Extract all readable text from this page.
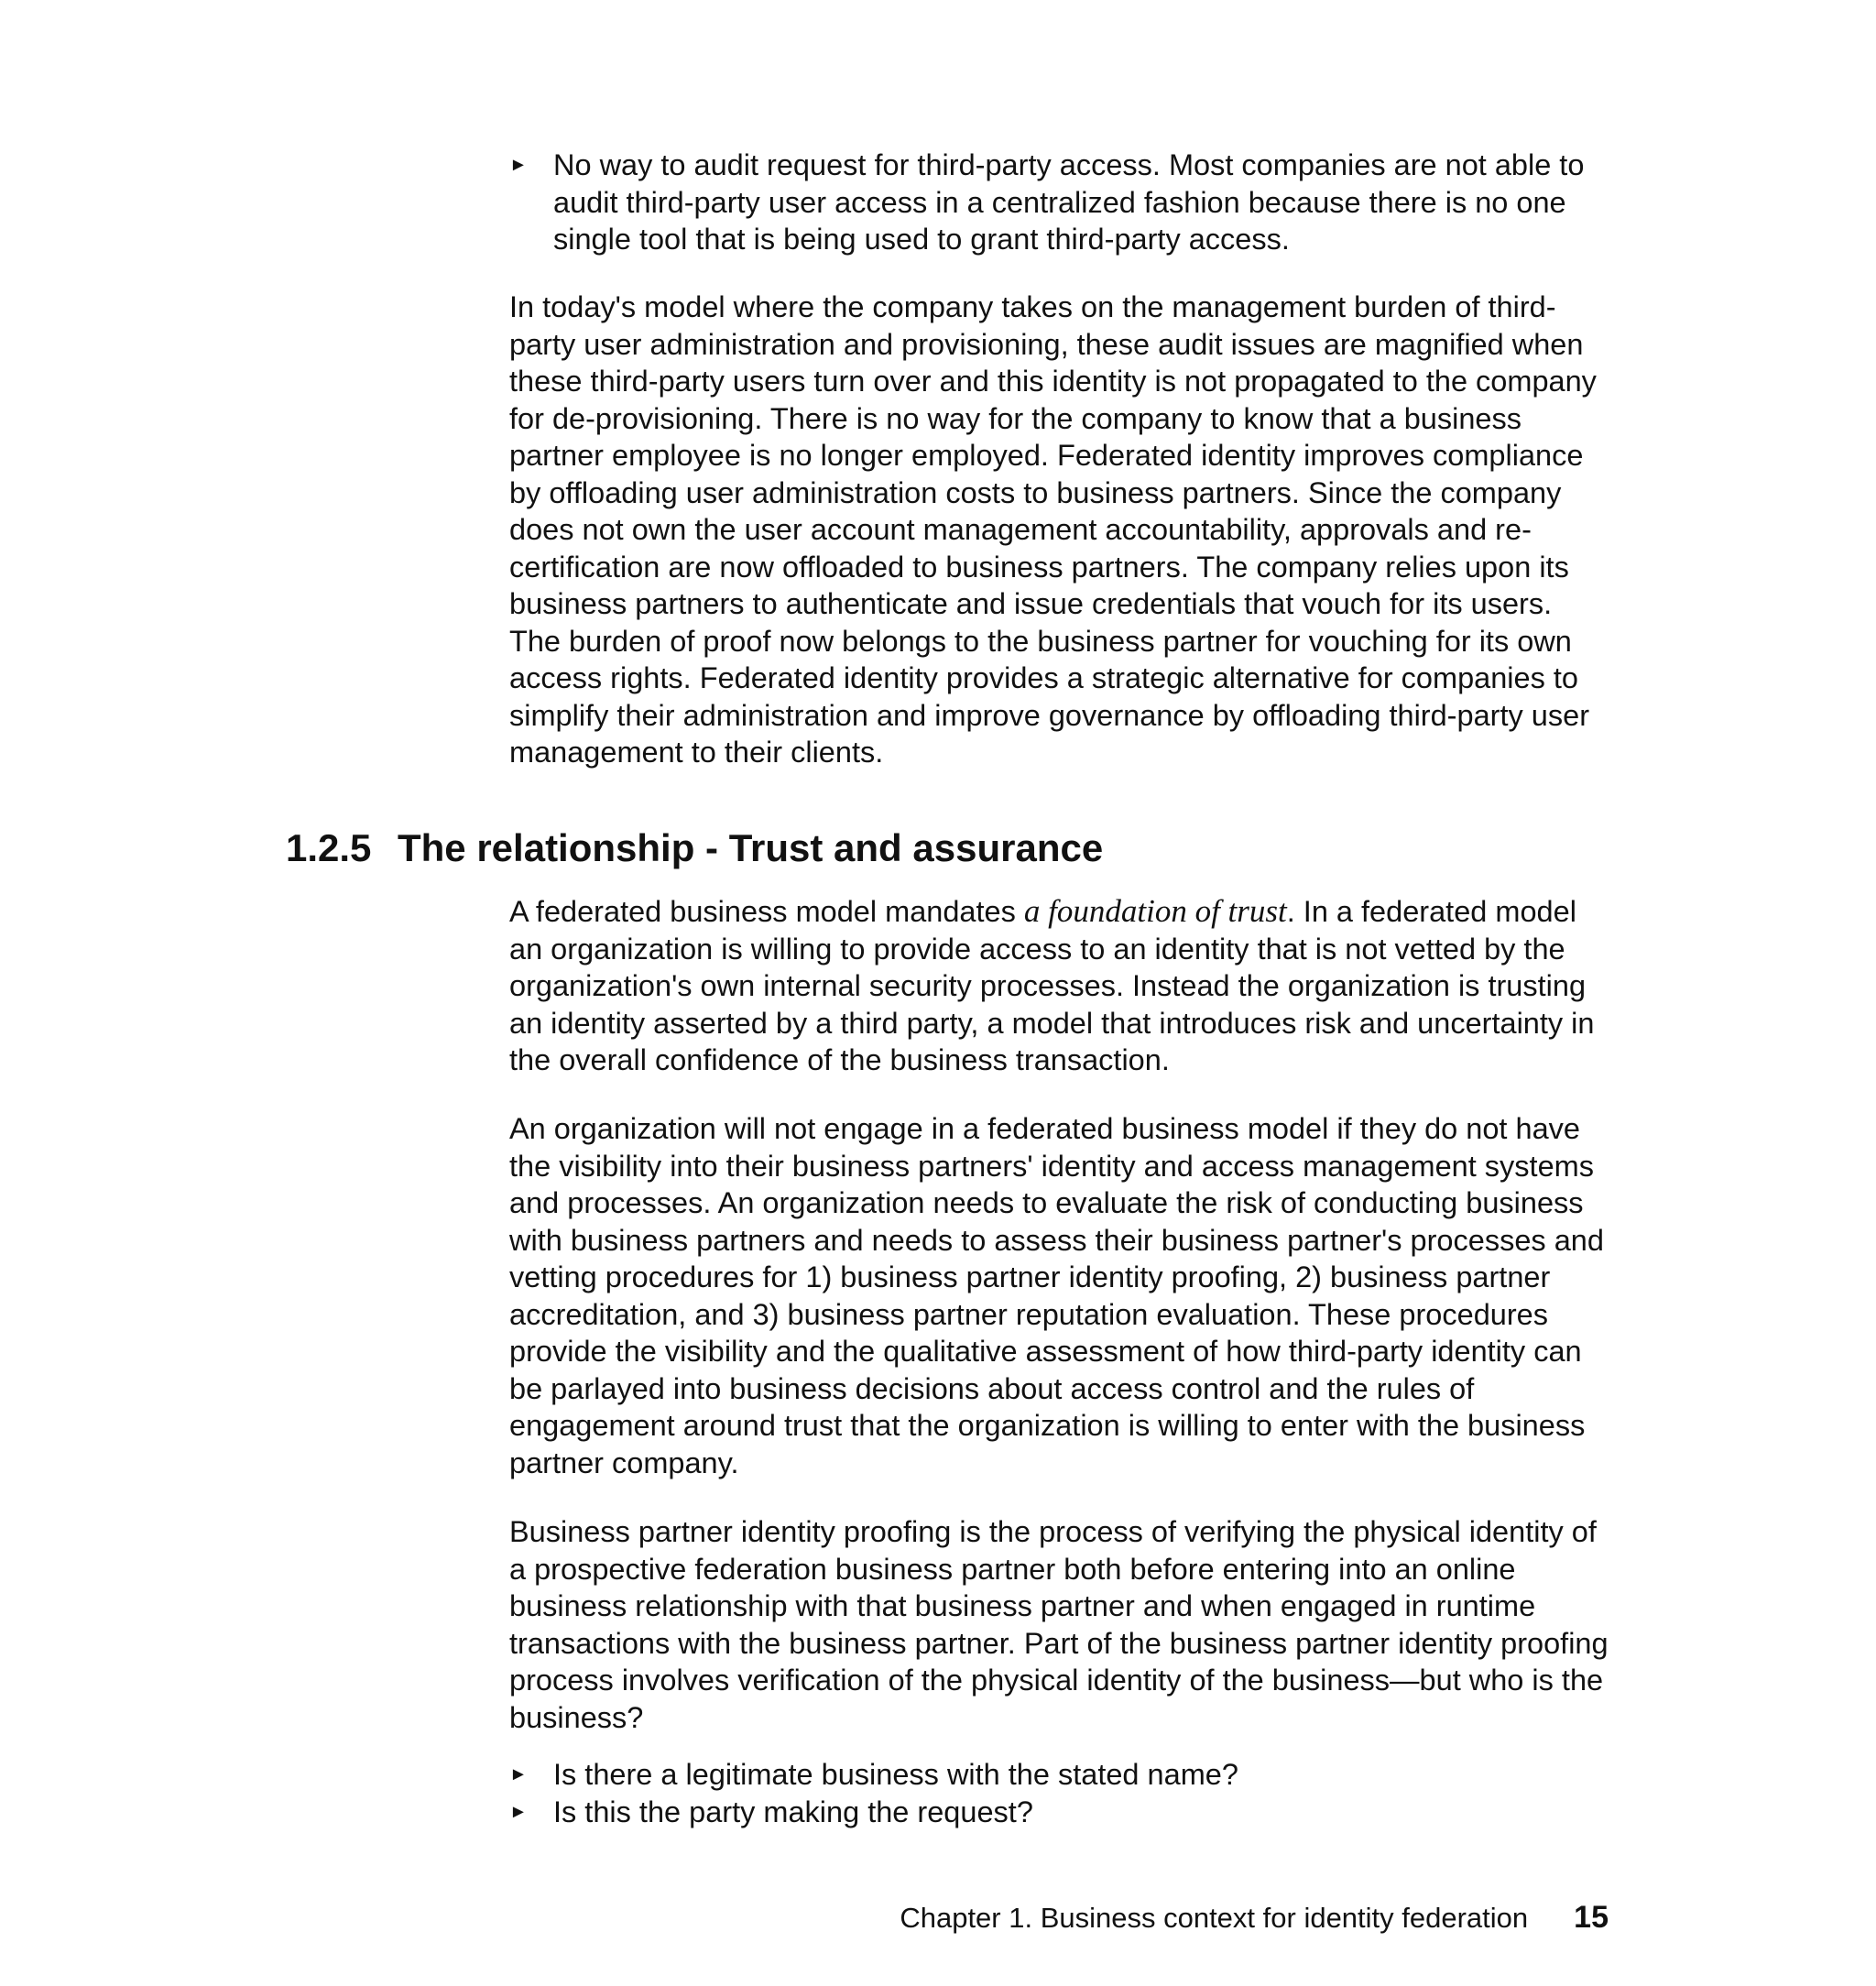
► No way to audit request for third-party access. Most companies are not able to audit third-party user access in a centralized fashion because there is no one single tool that is being used to grant third-party access.

In today's model where the company takes on the management burden of third-party user administration and provisioning, these audit issues are magnified when these third-party users turn over and this identity is not propagated to the company for de-provisioning. There is no way for the company to know that a business partner employee is no longer employed. Federated identity improves compliance by offloading user administration costs to business partners. Since the company does not own the user account management accountability, approvals and re-certification are now offloaded to business partners. The company relies upon its business partners to authenticate and issue credentials that vouch for its users. The burden of proof now belongs to the business partner for vouching for its own access rights. Federated identity provides a strategic alternative for companies to simplify their administration and improve governance by offloading third-party user management to their clients.

1.2.5 The relationship - Trust and assurance

A federated business model mandates a foundation of trust. In a federated model an organization is willing to provide access to an identity that is not vetted by the organization's own internal security processes. Instead the organization is trusting an identity asserted by a third party, a model that introduces risk and uncertainty in the overall confidence of the business transaction.

An organization will not engage in a federated business model if they do not have the visibility into their business partners' identity and access management systems and processes. An organization needs to evaluate the risk of conducting business with business partners and needs to assess their business partner's processes and vetting procedures for 1) business partner identity proofing, 2) business partner accreditation, and 3) business partner reputation evaluation. These procedures provide the visibility and the qualitative assessment of how third-party identity can be parlayed into business decisions about access control and the rules of engagement around trust that the organization is willing to enter with the business partner company.

Business partner identity proofing is the process of verifying the physical identity of a prospective federation business partner both before entering into an online business relationship with that business partner and when engaged in runtime transactions with the business partner. Part of the business partner identity proofing process involves verification of the physical identity of the business—but who is the business?

► Is there a legitimate business with the stated name?
► Is this the party making the request?
Chapter 1. Business context for identity federation 15
